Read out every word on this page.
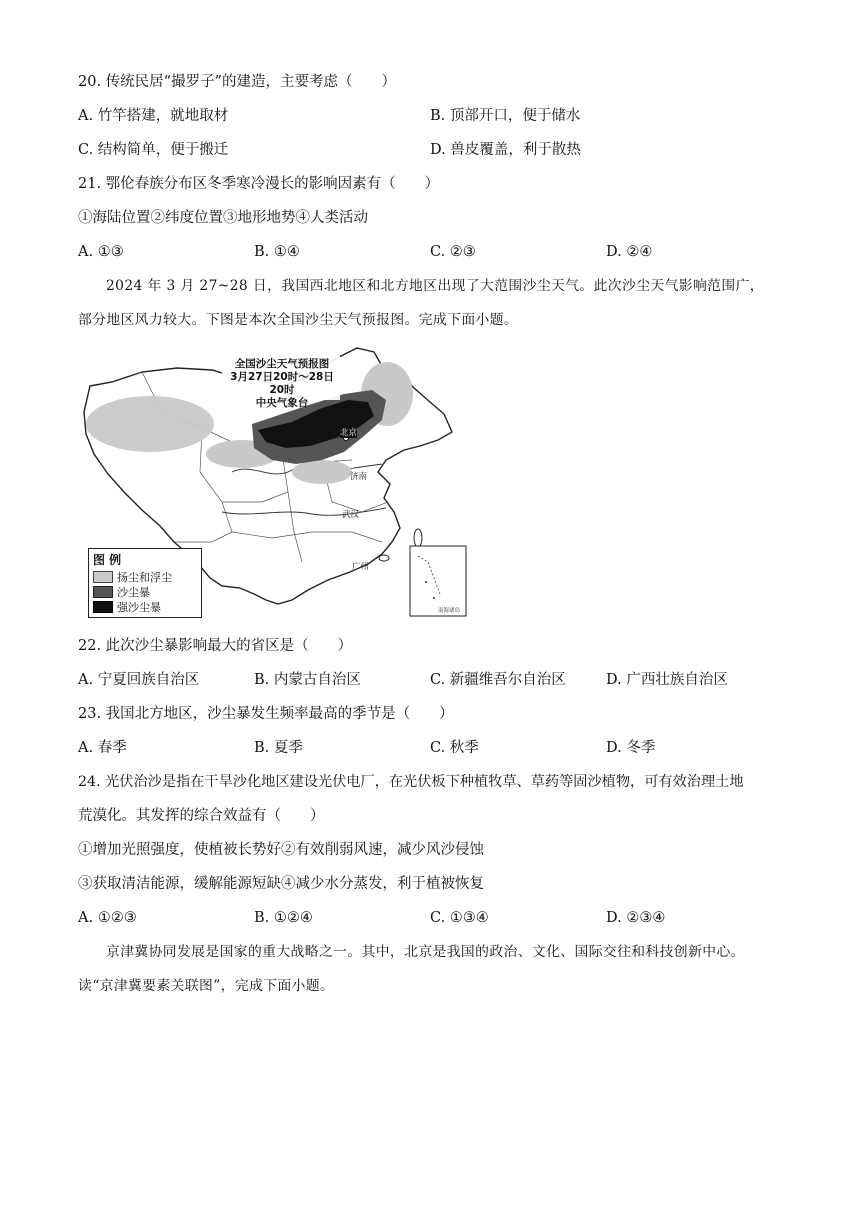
20. 传统民居“撮罗子”的建造，主要考虑（　　）
A. 竹竿搭建，就地取材	B. 顶部开口，便于储水
C. 结构简单，便于搬迁	D. 兽皮覆盖，利于散热
21. 鄂伦春族分布区冬季寒冷漫长的影响因素有（　　）
①海陆位置②纬度位置③地形地势④人类活动
A. ①③	B. ①④	C. ②③	D. ②④
2024 年 3 月 27~28 日，我国西北地区和北方地区出现了大范围沙尘天气。此次沙尘天气影响范围广，
部分地区风力较大。下图是本次全国沙尘天气预报图。完成下面小题。
全国沙尘天气预报图
3月27日20时～28日20时
中央气象台
北京
济南
武汉
广州
南海诸岛
图 例
扬尘和浮尘
沙尘暴
强沙尘暴
22. 此次沙尘暴影响最大的省区是（　　）
A. 宁夏回族自治区	B. 内蒙古自治区	C. 新疆维吾尔自治区	D. 广西壮族自治区
23. 我国北方地区，沙尘暴发生频率最高的季节是（　　）
A. 春季	B. 夏季	C. 秋季	D. 冬季
24. 光伏治沙是指在干旱沙化地区建设光伏电厂，在光伏板下种植牧草、草药等固沙植物，可有效治理土地
荒漠化。其发挥的综合效益有（　　）
①增加光照强度，使植被长势好②有效削弱风速，减少风沙侵蚀
③获取清洁能源，缓解能源短缺④减少水分蒸发，利于植被恢复
A. ①②③	B. ①②④	C. ①③④	D. ②③④
京津冀协同发展是国家的重大战略之一。其中，北京是我国的政治、文化、国际交往和科技创新中心。
读“京津冀要素关联图”，完成下面小题。
